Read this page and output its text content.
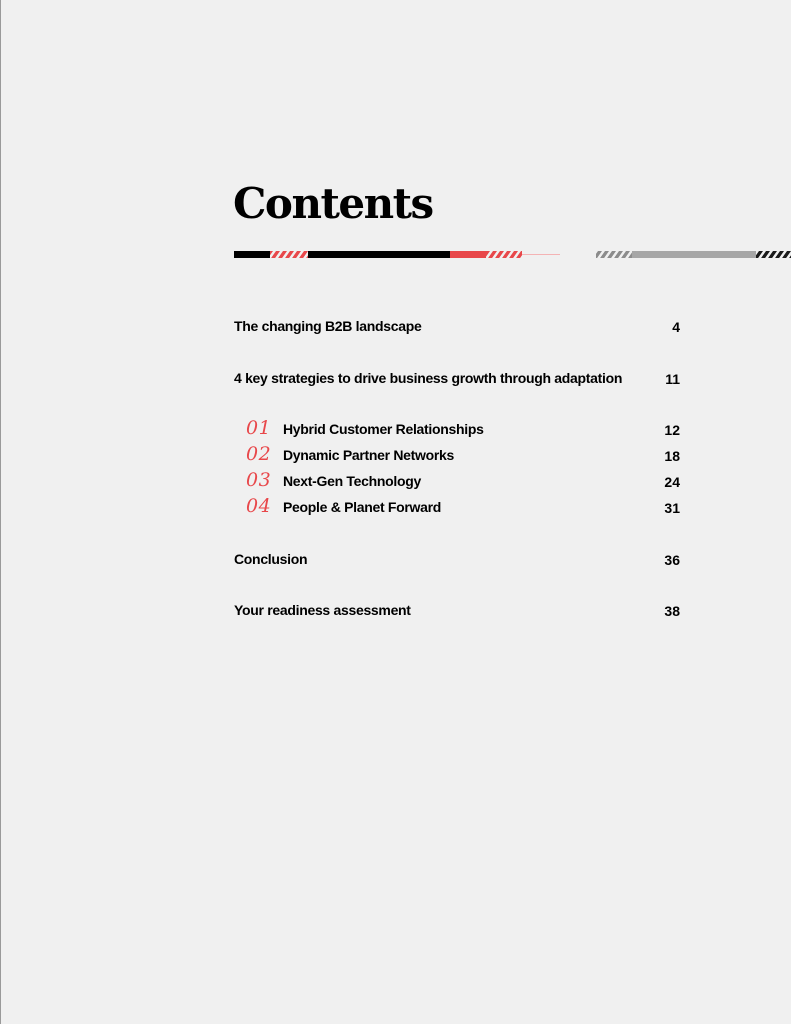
Contents
The changing B2B landscape	4
4 key strategies to drive business growth through adaptation	11
01 Hybrid Customer Relationships	12
02 Dynamic Partner Networks	18
03 Next-Gen Technology	24
04 People & Planet Forward	31
Conclusion	36
Your readiness assessment	38
